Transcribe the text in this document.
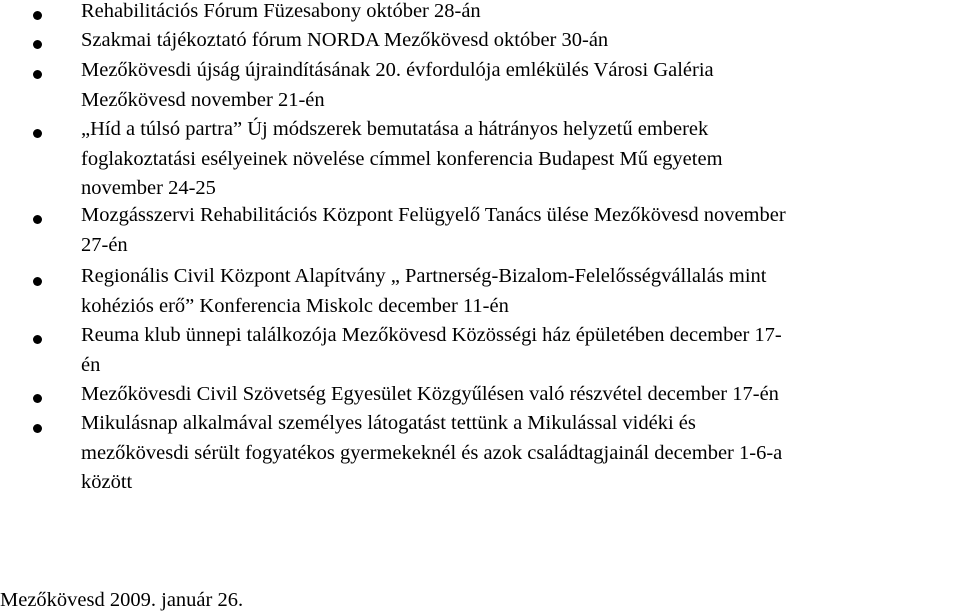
Rehabilitációs Fórum Füzesabony október 28-án
Szakmai tájékoztató fórum NORDA Mezőkövesd október 30-án
Mezőkövesdi újság újraindításának 20. évfordulója emlékülés Városi Galéria
Mezőkövesd november 21-én
„Híd a túlsó partra” Új módszerek bemutatása a hátrányos helyzetű emberek
foglakoztatási esélyeinek növelése címmel konferencia Budapest Mű egyetem
november 24-25
Mozgásszervi Rehabilitációs Központ Felügyelő Tanács ülése Mezőkövesd november
27-én
Regionális Civil Központ Alapítvány „ Partnerség-Bizalom-Felelősségvállalás mint
kohéziós erő” Konferencia Miskolc december 11-én
Reuma klub ünnepi találkozója Mezőkövesd Közösségi ház épületében december 17-
én
Mezőkövesdi Civil Szövetség Egyesület Közgyűlésen való részvétel december 17-én
Mikulásnap alkalmával személyes látogatást tettünk a Mikulással vidéki és
mezőkövesdi sérült fogyatékos gyermekeknél és azok családtagjainál december 1-6-a
között
Mezőkövesd 2009. január 26.
